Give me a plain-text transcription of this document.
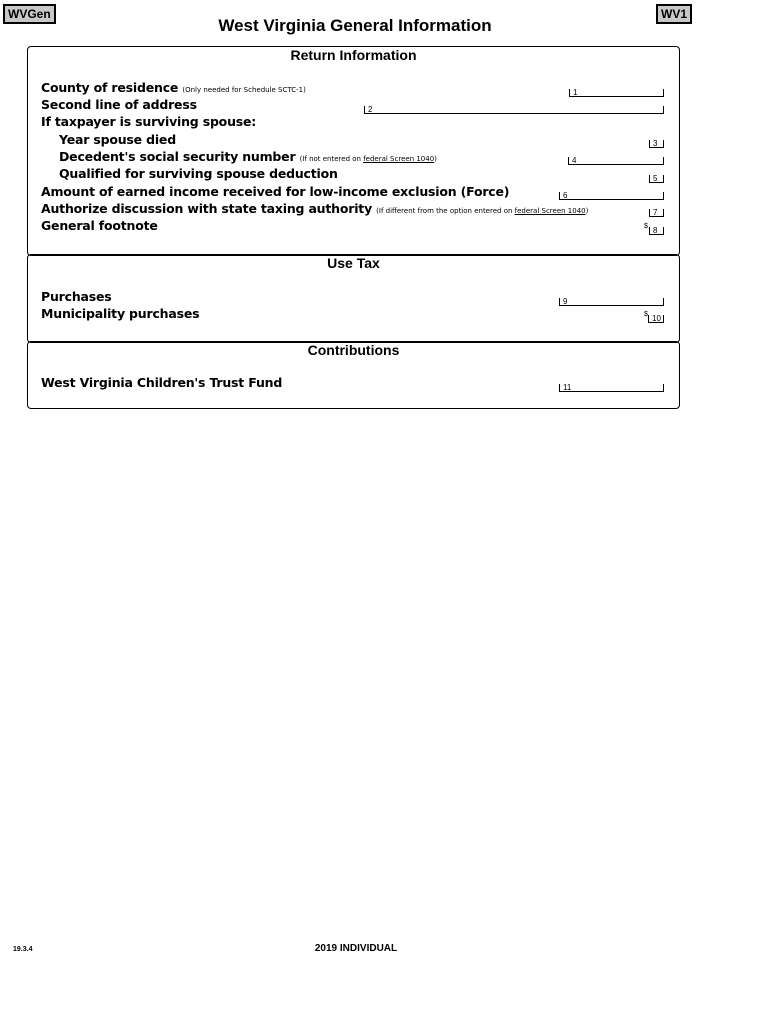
WVGen	WV1
West Virginia General Information
Return Information
County of residence (Only needed for Schedule SCTC-1)	1
Second line of address	2
If taxpayer is surviving spouse:
Year spouse died	3
Decedent's social security number (If not entered on federal Screen 1040)	4
Qualified for surviving spouse deduction	5
Amount of earned income received for low-income exclusion (Force)	6
Authorize discussion with state taxing authority (If different from the option entered on federal Screen 1040)	7
General footnote	$ 8
Use Tax
Purchases	9
Municipality purchases	$ 10
Contributions
West Virginia Children's Trust Fund	11
19.3.4	2019 INDIVIDUAL
